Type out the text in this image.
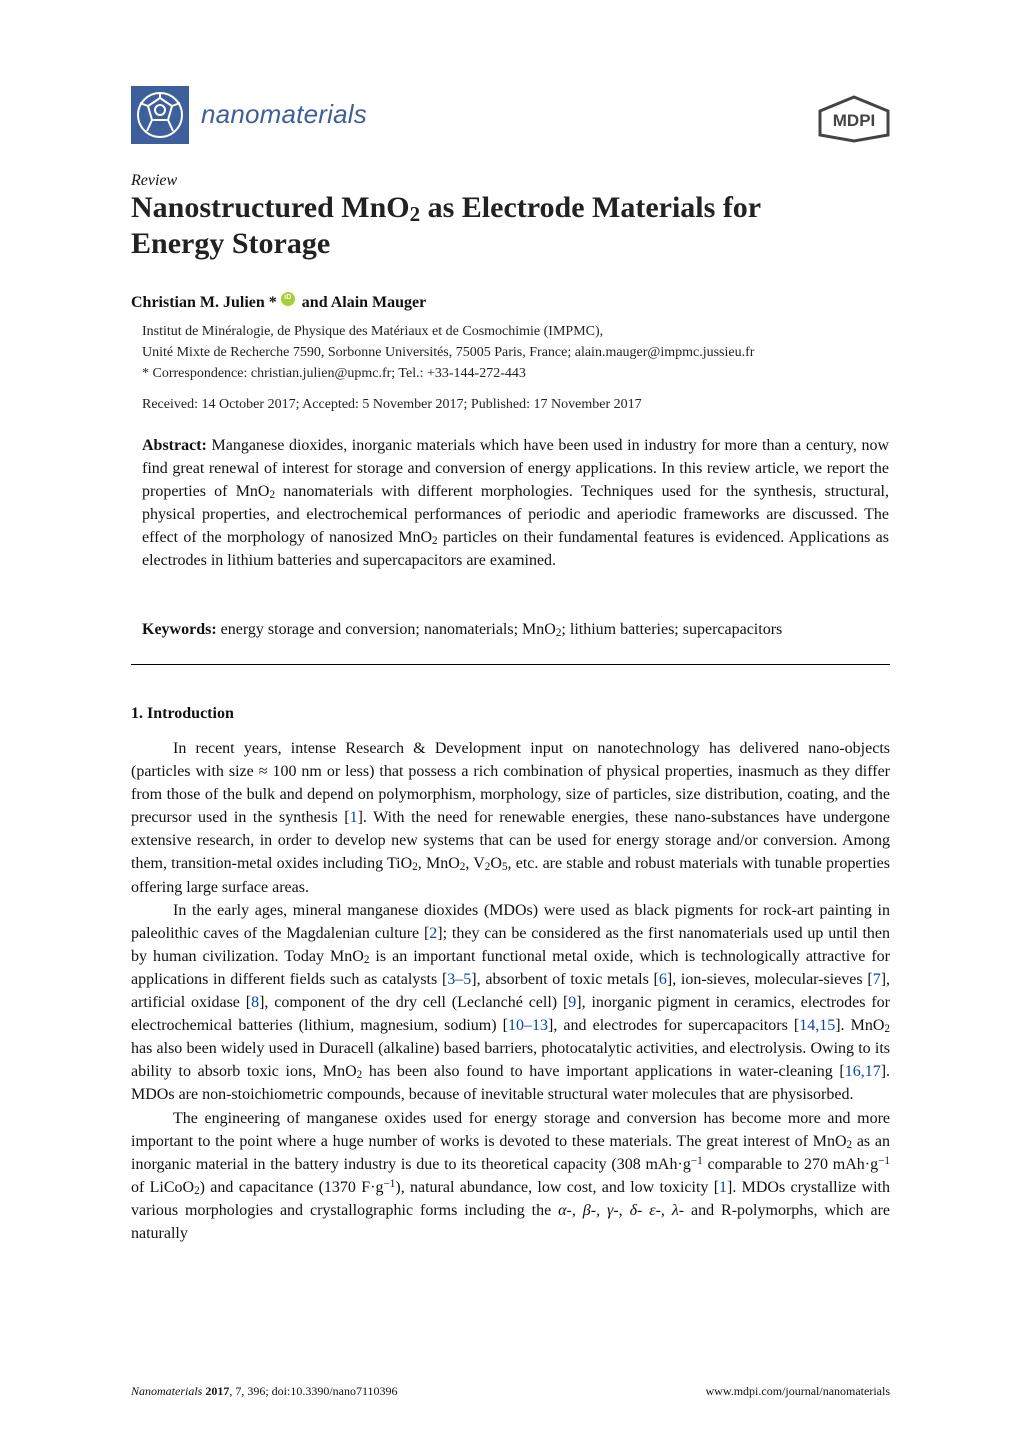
nanomaterials	MDPI
Review
Nanostructured MnO$_2$ as Electrode Materials for
Energy Storage
Christian M. Julien *	iD and Alain Mauger
Institut de Minéralogie, de Physique des Matériaux et de Cosmochimie (IMPMC),
Unité Mixte de Recherche 7590, Sorbonne Universités, 75005 Paris, France; alain.mauger@impmc.jussieu.fr
* Correspondence: christian.julien@upmc.fr; Tel.: +33-144-272-443
Received: 14 October 2017; Accepted: 5 November 2017; Published: 17 November 2017
Abstract: Manganese dioxides, inorganic materials which have been used in industry for more than a century, now find great renewal of interest for storage and conversion of energy applications. In this review article, we report the properties of MnO$_2$ nanomaterials with different morphologies. Techniques used for the synthesis, structural, physical properties, and electrochemical performances of periodic and aperiodic frameworks are discussed. The effect of the morphology of nanosized MnO$_2$ particles on their fundamental features is evidenced. Applications as electrodes in lithium batteries and supercapacitors are examined.
Keywords: energy storage and conversion; nanomaterials; MnO$_2$; lithium batteries; supercapacitors
1. Introduction

In recent years, intense Research & Development input on nanotechnology has delivered nano-objects (particles with size ≈ 100 nm or less) that possess a rich combination of physical properties, inasmuch as they differ from those of the bulk and depend on polymorphism, morphology, size of particles, size distribution, coating, and the precursor used in the synthesis [1]. With the need for renewable energies, these nano-substances have undergone extensive research, in order to develop new systems that can be used for energy storage and/or conversion. Among them, transition-metal oxides including TiO$_2$, MnO$_2$, $V_2O_5$, etc. are stable and robust materials with tunable properties offering large surface areas.

In the early ages, mineral manganese dioxides (MDOs) were used as black pigments for rock-art painting in paleolithic caves of the Magdalenian culture [2]; they can be considered as the first nanomaterials used up until then by human civilization. Today MnO$_2$ is an important functional metal oxide, which is technologically attractive for applications in different fields such as catalysts [3–5], absorbent of toxic metals [6], ion-sieves, molecular-sieves [7], artificial oxidase [8], component of the dry cell (Leclanché cell) [9], inorganic pigment in ceramics, electrodes for electrochemical batteries (lithium, magnesium, sodium) [10–13], and electrodes for supercapacitors [14,15]. MnO$_2$ has also been widely used in Duracell (alkaline) based barriers, photocatalytic activities, and electrolysis. Owing to its ability to absorb toxic ions, MnO$_2$ has been also found to have important applications in water-cleaning [16,17]. MDOs are non-stoichiometric compounds, because of inevitable structural water molecules that are physisorbed.

The engineering of manganese oxides used for energy storage and conversion has become more and more important to the point where a huge number of works is devoted to these materials. The great interest of MnO$_2$ as an inorganic material in the battery industry is due to its theoretical capacity (308 $mAh\cdot g^{-1}$ comparable to 270 $mAh\cdot g^{-1}$ of LiCoO$_2$) and capacitance (1370 $F\cdot g^{-1}$), natural abundance, low cost, and low toxicity [1]. MDOs crystallize with various morphologies and crystallographic forms including the α-, β-, γ-, δ- ε-, λ- and R-polymorphs, which are naturally

Nanomaterials 2017, 7, 396; doi:10.3390/nano7110396	www.mdpi.com/journal/nanomaterials
